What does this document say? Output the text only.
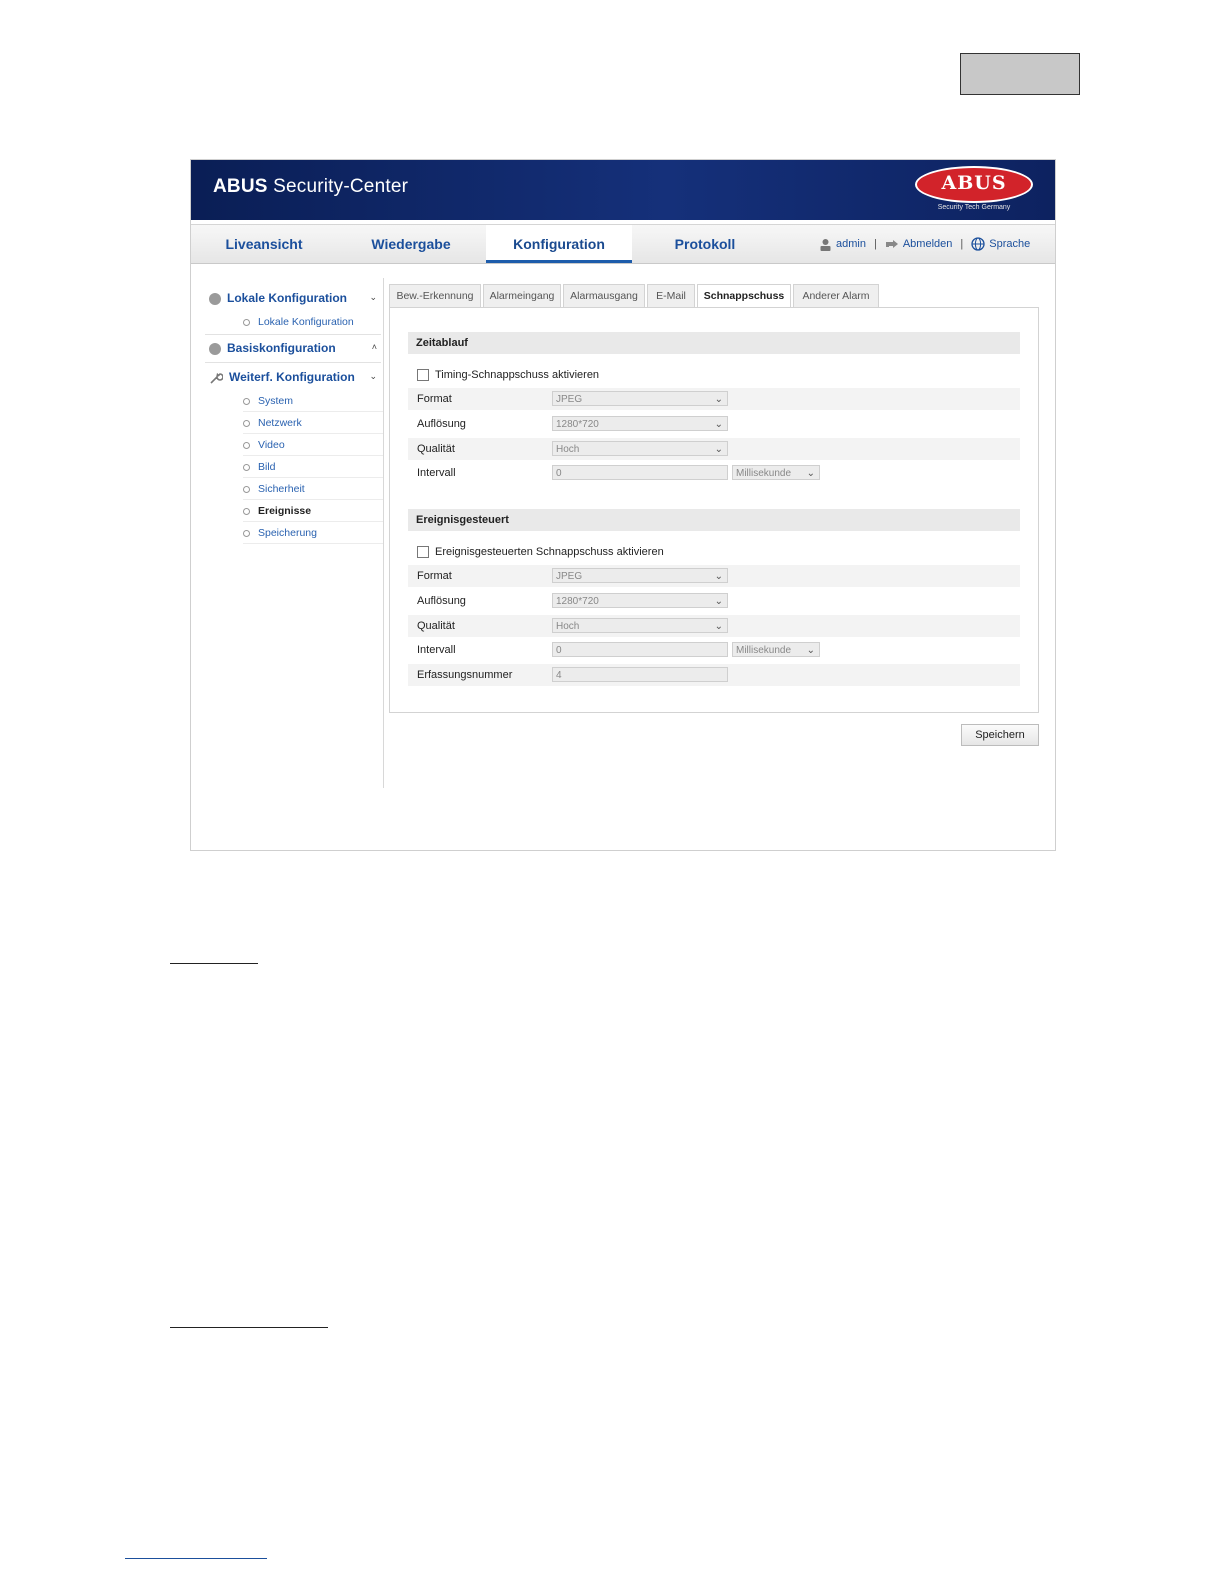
ABUS Security-Center	ABUS
Security Tech Germany
Liveansicht	Wiedergabe	Konfiguration	Protokoll	admin | Abmelden | Sprache
Lokale Konfiguration ⌄
Lokale Konfiguration
Basiskonfiguration	˄
Weiterf. Konfiguration ⌄
System
Netzwerk
Video
Bild
Sicherheit
Ereignisse
Speicherung
Bew.-Erkennung	Alarmeingang	Alarmausgang	E-Mail	Schnappschuss	Anderer Alarm
Zeitablauf
Timing-Schnappschuss aktivieren
Format	JPEG	⌄
Auflösung	1280*720	⌄
Qualität	Hoch	⌄
Intervall	0	Millisekunde ⌄
Ereignisgesteuert
Ereignisgesteuerten Schnappschuss aktivieren
Format	JPEG	⌄
Auflösung	1280*720	⌄
Qualität	Hoch	⌄
Intervall	0	Millisekunde ⌄
Erfassungsnummer	4
Speichern
